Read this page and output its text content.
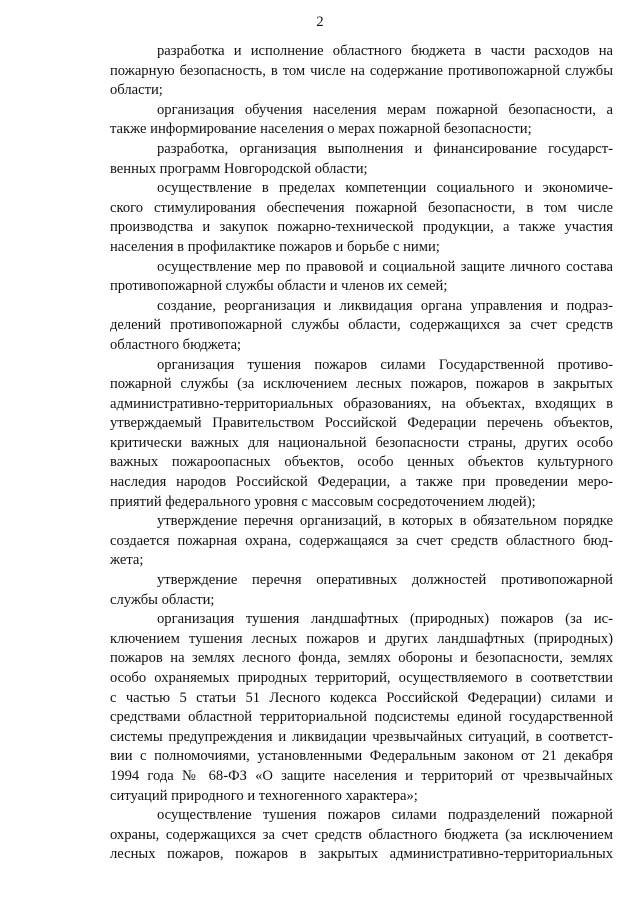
2
разработка и исполнение областного бюджета в части расходов на
пожарную безопасность, в том числе на содержание противопожарной службы
области;
организация обучения населения мерам пожарной безопасности, а
также информирование населения о мерах пожарной безопасности;
разработка, организация выполнения и финансирование государст-
венных программ Новгородской области;
осуществление в пределах компетенции социального и экономиче-
ского стимулирования обеспечения пожарной безопасности, в том числе
производства и закупок пожарно-технической продукции, а также участия
населения в профилактике пожаров и борьбе с ними;
осуществление мер по правовой и социальной защите личного состава
противопожарной службы области и членов их семей;
создание, реорганизация и ликвидация органа управления и подраз-
делений противопожарной службы области, содержащихся за счет средств
областного бюджета;
организация тушения пожаров силами Государственной противо-
пожарной службы (за исключением лесных пожаров, пожаров в закрытых
административно-территориальных образованиях, на объектах, входящих в
утверждаемый Правительством Российской Федерации перечень объектов,
критически важных для национальной безопасности страны, других особо
важных пожароопасных объектов, особо ценных объектов культурного
наследия народов Российской Федерации, а также при проведении меро-
приятий федерального уровня с массовым сосредоточением людей);
утверждение перечня организаций, в которых в обязательном порядке
создается пожарная охрана, содержащаяся за счет средств областного бюд-
жета;
утверждение перечня оперативных должностей противопожарной
службы области;
организация тушения ландшафтных (природных) пожаров (за ис-
ключением тушения лесных пожаров и других ландшафтных (природных)
пожаров на землях лесного фонда, землях обороны и безопасности, землях
особо охраняемых природных территорий, осуществляемого в соответствии
с частью 5 статьи 51 Лесного кодекса Российской Федерации) силами и
средствами областной территориальной подсистемы единой государственной
системы предупреждения и ликвидации чрезвычайных ситуаций, в соответст-
вии с полномочиями, установленными Федеральным законом от 21 декабря
1994 года № 68-ФЗ «О защите населения и территорий от чрезвычайных
ситуаций природного и техногенного характера»;
осуществление тушения пожаров силами подразделений пожарной
охраны, содержащихся за счет средств областного бюджета (за исключением
лесных пожаров, пожаров в закрытых административно-территориальных
